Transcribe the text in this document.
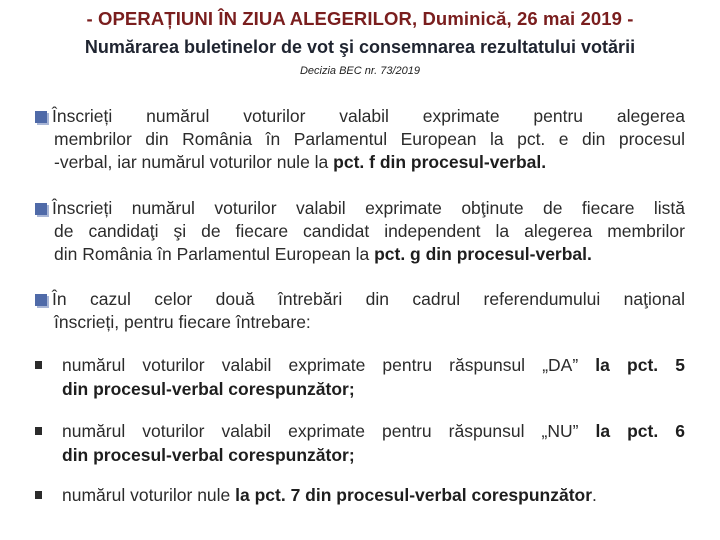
- OPERAȚIUNI ÎN ZIUA ALEGERILOR, Duminică, 26 mai 2019 -
Numărarea buletinelor de vot şi consemnarea rezultatului votării
Decizia BEC nr. 73/2019
Înscrieți numărul voturilor valabil exprimate pentru alegerea
membrilor din România în Parlamentul European la pct. e din procesul
-verbal, iar numărul voturilor nule la pct. f din procesul-verbal.
Înscrieți numărul voturilor valabil exprimate obţinute de fiecare listă
de candidaţi şi de fiecare candidat independent la alegerea membrilor
din România în Parlamentul European la pct. g din procesul-verbal.
În cazul celor două întrebări din cadrul referendumului naţional
înscrieți, pentru fiecare întrebare:
numărul voturilor valabil exprimate pentru răspunsul „DA” la pct. 5
din procesul-verbal corespunzător;
numărul voturilor valabil exprimate pentru răspunsul „NU” la pct. 6
din procesul-verbal corespunzător;
numărul voturilor nule la pct. 7 din procesul-verbal corespunzător.
